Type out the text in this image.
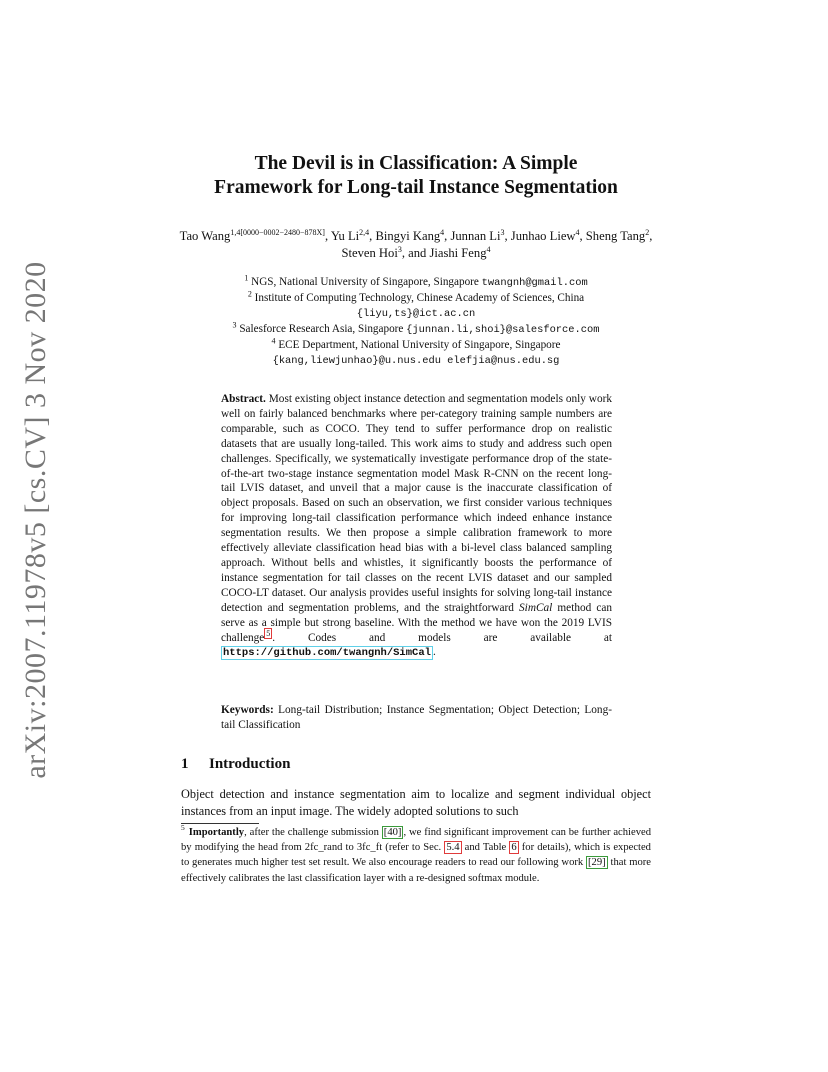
arXiv:2007.11978v5 [cs.CV] 3 Nov 2020
The Devil is in Classification: A Simple
Framework for Long-tail Instance Segmentation
Tao Wang$^{1,4[0000-0002-2480-878X]}$, Yu Li$^{2,4}$, Bingyi Kang$^4$, Junnan Li$^3$, Junhao Liew$^4$, Sheng Tang$^2$, Steven Hoi$^3$, and Jiashi Feng$^4$
$^1$ NGS, National University of Singapore, Singapore twangnh@gmail.com
$^2$ Institute of Computing Technology, Chinese Academy of Sciences, China
{liyu,ts}@ict.ac.cn
$^3$ Salesforce Research Asia, Singapore {junnan.li,shoi}@salesforce.com
$^4$ ECE Department, National University of Singapore, Singapore
{kang,liewjunhao}@u.nus.edu elefjia@nus.edu.sg
Abstract. Most existing object instance detection and segmentation models only work well on fairly balanced benchmarks where per-category training sample numbers are comparable, such as COCO. They tend to suffer performance drop on realistic datasets that are usually long-tailed. This work aims to study and address such open challenges. Specifically, we systematically investigate performance drop of the state-of-the-art two-stage instance segmentation model Mask R-CNN on the recent long-tail LVIS dataset, and unveil that a major cause is the inaccurate classification of object proposals. Based on such an observation, we first consider various techniques for improving long-tail classification performance which indeed enhance instance segmentation results. We then propose a simple calibration framework to more effectively alleviate classification head bias with a bi-level class balanced sampling approach. Without bells and whistles, it significantly boosts the performance of instance segmentation for tail classes on the recent LVIS dataset and our sampled COCO-LT dataset. Our analysis provides useful insights for solving long-tail instance detection and segmentation problems, and the straightforward SimCal method can serve as a simple but strong baseline. With the method we have won the 2019 LVIS challenge $^5$ . Codes and models are available at https://github.com/twangnh/SimCal .
Keywords: Long-tail Distribution; Instance Segmentation; Object Detection; Long-tail Classification
1 Introduction
Object detection and instance segmentation aim to localize and segment individual object instances from an input image. The widely adopted solutions to such
$^5$ Importantly, after the challenge submission [40] , we find significant improvement can be further achieved by modifying the head from 2fc_rand to 3fc_ft (refer to Sec. 5.4 and Table 6 for details), which is expected to generates much higher test set result. We also encourage readers to read our following work [29] that more effectively calibrates the last classification layer with a re-designed softmax module.
